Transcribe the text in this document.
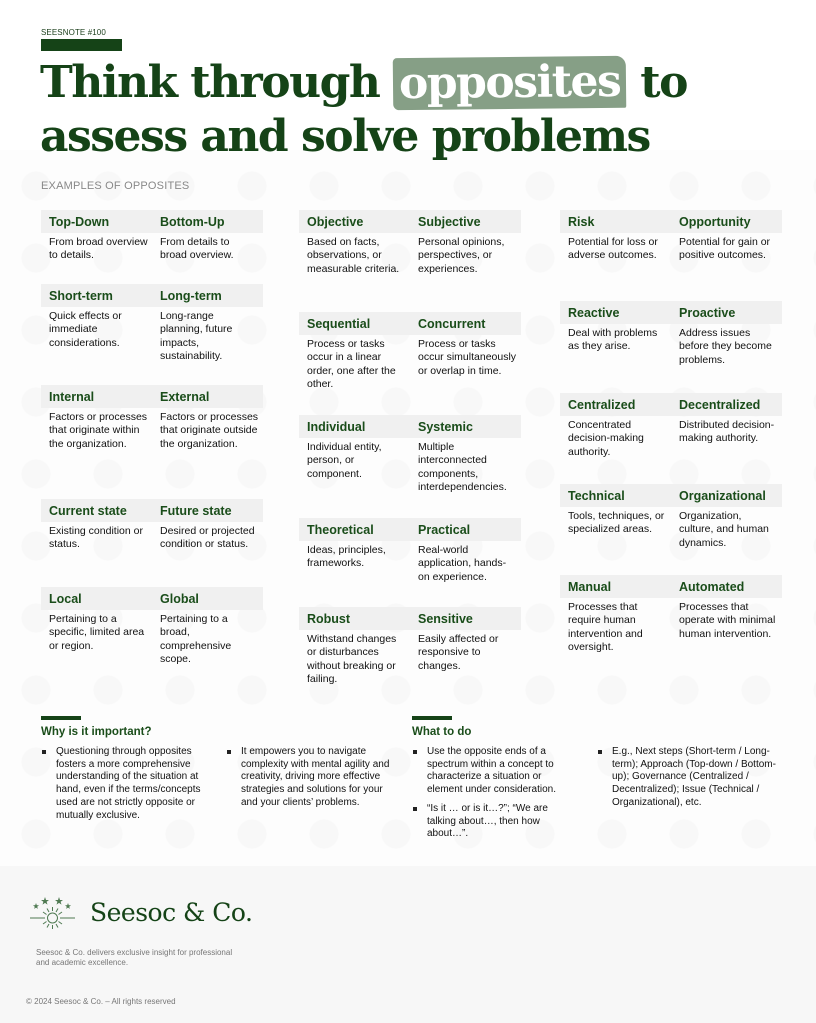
SEESNOTE #100
Think through opposites to assess and solve problems
EXAMPLES OF OPPOSITES
Top-Down	Bottom-Up
From broad overview to details.
From details to broad overview.
Short-term	Long-term
Quick effects or immediate considerations.
Long-range planning, future impacts, sustainability.
Internal	External
Factors or processes that originate within the organization.
Factors or processes that originate outside the organization.
Current state	Future state
Existing condition or status.
Desired or projected condition or status.
Local	Global
Pertaining to a specific, limited area or region.
Pertaining to a broad, comprehensive scope.
Objective	Subjective
Based on facts, observations, or measurable criteria.
Personal opinions, perspectives, or experiences.
Sequential	Concurrent
Process or tasks occur in a linear order, one after the other.
Process or tasks occur simultaneously or overlap in time.
Individual	Systemic
Individual entity, person, or component.
Multiple interconnected components, interdependencies.
Theoretical	Practical
Ideas, principles, frameworks.
Real-world application, hands-on experience.
Robust	Sensitive
Withstand changes or disturbances without breaking or failing.
Easily affected or responsive to changes.
Risk	Opportunity
Potential for loss or adverse outcomes.
Potential for gain or positive outcomes.
Reactive	Proactive
Deal with problems as they arise.
Address issues before they become problems.
Centralized	Decentralized
Concentrated decision-making authority.
Distributed decision-making authority.
Technical	Organizational
Tools, techniques, or specialized areas.
Organization, culture, and human dynamics.
Manual	Automated
Processes that require human intervention and oversight.
Processes that operate with minimal human intervention.
Why is it important?
Questioning through opposites fosters a more comprehensive understanding of the situation at hand, even if the terms/concepts used are not strictly opposite or mutually exclusive.
It empowers you to navigate complexity with mental agility and creativity, driving more effective strategies and solutions for your and your clients’ problems.
What to do
Use the opposite ends of a spectrum within a concept to characterize a situation or element under consideration.
“Is it … or is it…?”; “We are talking about…, then how about…”.
E.g., Next steps (Short-term / Long-term); Approach (Top-down / Bottom-up); Governance (Centralized / Decentralized); Issue (Technical / Organizational), etc.
Seesoc & Co.
Seesoc & Co. delivers exclusive insight for professional and academic excellence.
© 2024 Seesoc & Co. – All rights reserved
